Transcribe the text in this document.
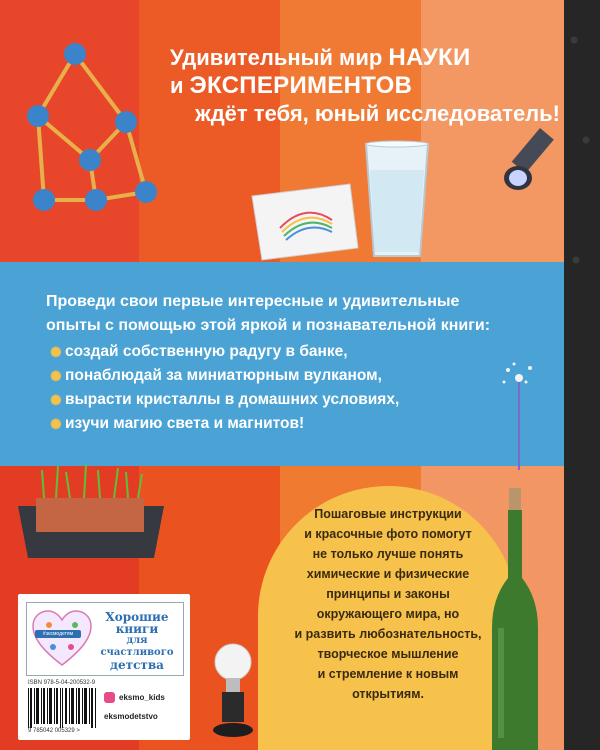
Удивительный мир НАУКИ
и ЭКСПЕРИМЕНТОВ
ждёт тебя, юный исследователь!
Проведи свои первые интересные и удивительные
опыты с помощью этой яркой и познавательной книги:
✺ создай собственную радугу в банке,
✺ понаблюдай за миниатюрным вулканом,
✺ вырасти кристаллы в домашних условиях,
✺ изучи магию света и магнитов!
Пошаговые инструкции
и красочные фото помогут
не только лучше понять
химические и физические
принципы и законы
окружающего мира, но
и развить любознательность,
творческое мышление
и стремление к новым
открытиям.
#эксмодетям
Хорошие
книги

для счастливого
детства
ISBN 978-5-04-200532-9
9 785042 005329 >
eksmo_kids
eksmodetstvo
